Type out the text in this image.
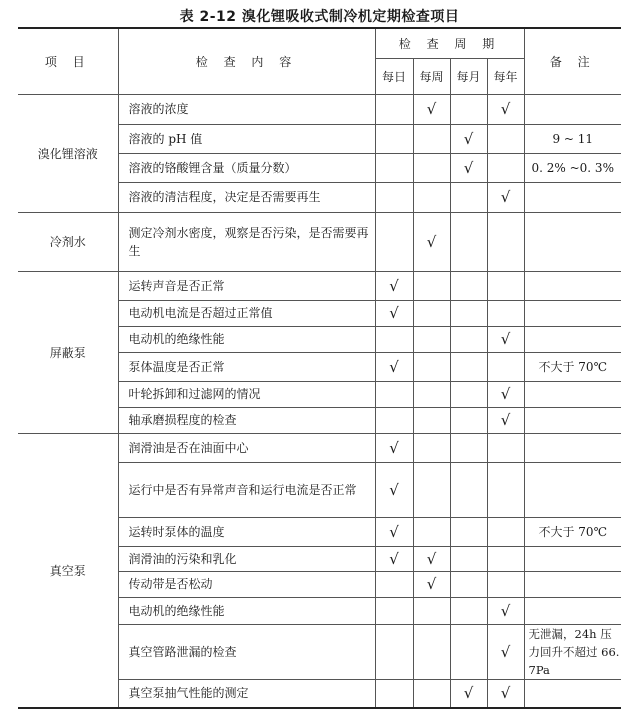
表 2-12 溴化锂吸收式制冷机定期检查项目
项 目	检 查 内 容	检 查 周 期				备 注
		每日	每周	每月	每年	
溴化锂溶液	溶液的浓度		√		√	
	溶液的 pH 值			√		9 ~ 11
	溶液的铬酸锂含量（质量分数）			√		0. 2% ~0. 3%
	溶液的清洁程度，决定是否需要再生				√	
冷剂水	测定冷剂水密度，观察是否污染，是否需要再生		√			
屏蔽泵	运转声音是否正常	√				
	电动机电流是否超过正常值	√				
	电动机的绝缘性能				√	
	泵体温度是否正常	√				不大于 70℃
	叶轮拆卸和过滤网的情况				√	
	轴承磨损程度的检查				√	
真空泵	润滑油是否在油面中心	√				
	运行中是否有异常声音和运行电流是否正常	√				
	运转时泵体的温度	√				不大于 70℃
	润滑油的污染和乳化	√	√			
	传动带是否松动		√			
	电动机的绝缘性能				√	
	真空管路泄漏的检查				√	无泄漏，24h 压力回升不超过 66. 7Pa
	真空泵抽气性能的测定			√	√	
